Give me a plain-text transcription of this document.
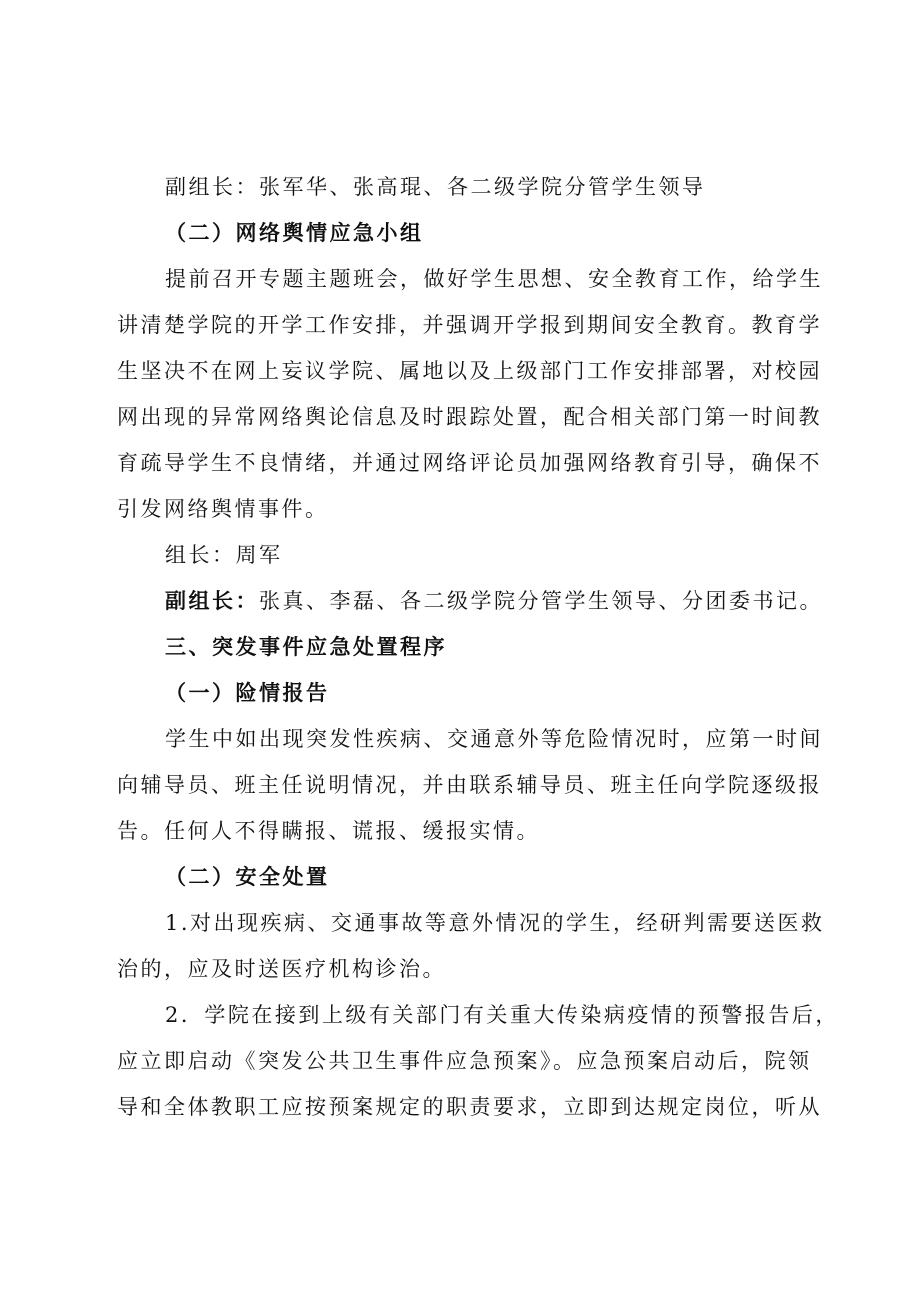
副组长：张军华、张高琨、各二级学院分管学生领导
（二）网络舆情应急小组
提前召开专题主题班会，做好学生思想、安全教育工作，给学生
讲清楚学院的开学工作安排，并强调开学报到期间安全教育。教育学
生坚决不在网上妄议学院、属地以及上级部门工作安排部署，对校园
网出现的异常网络舆论信息及时跟踪处置，配合相关部门第一时间教
育疏导学生不良情绪，并通过网络评论员加强网络教育引导，确保不
引发网络舆情事件。
组长：周军
副组长：张真、李磊、各二级学院分管学生领导、分团委书记。
三、突发事件应急处置程序
（一）险情报告
学生中如出现突发性疾病、交通意外等危险情况时，应第一时间
向辅导员、班主任说明情况，并由联系辅导员、班主任向学院逐级报
告。任何人不得瞒报、谎报、缓报实情。
（二）安全处置
1.对出现疾病、交通事故等意外情况的学生，经研判需要送医救
治的，应及时送医疗机构诊治。
2．学院在接到上级有关部门有关重大传染病疫情的预警报告后，
应立即启动《突发公共卫生事件应急预案》。应急预案启动后，院领
导和全体教职工应按预案规定的职责要求，立即到达规定岗位，听从
